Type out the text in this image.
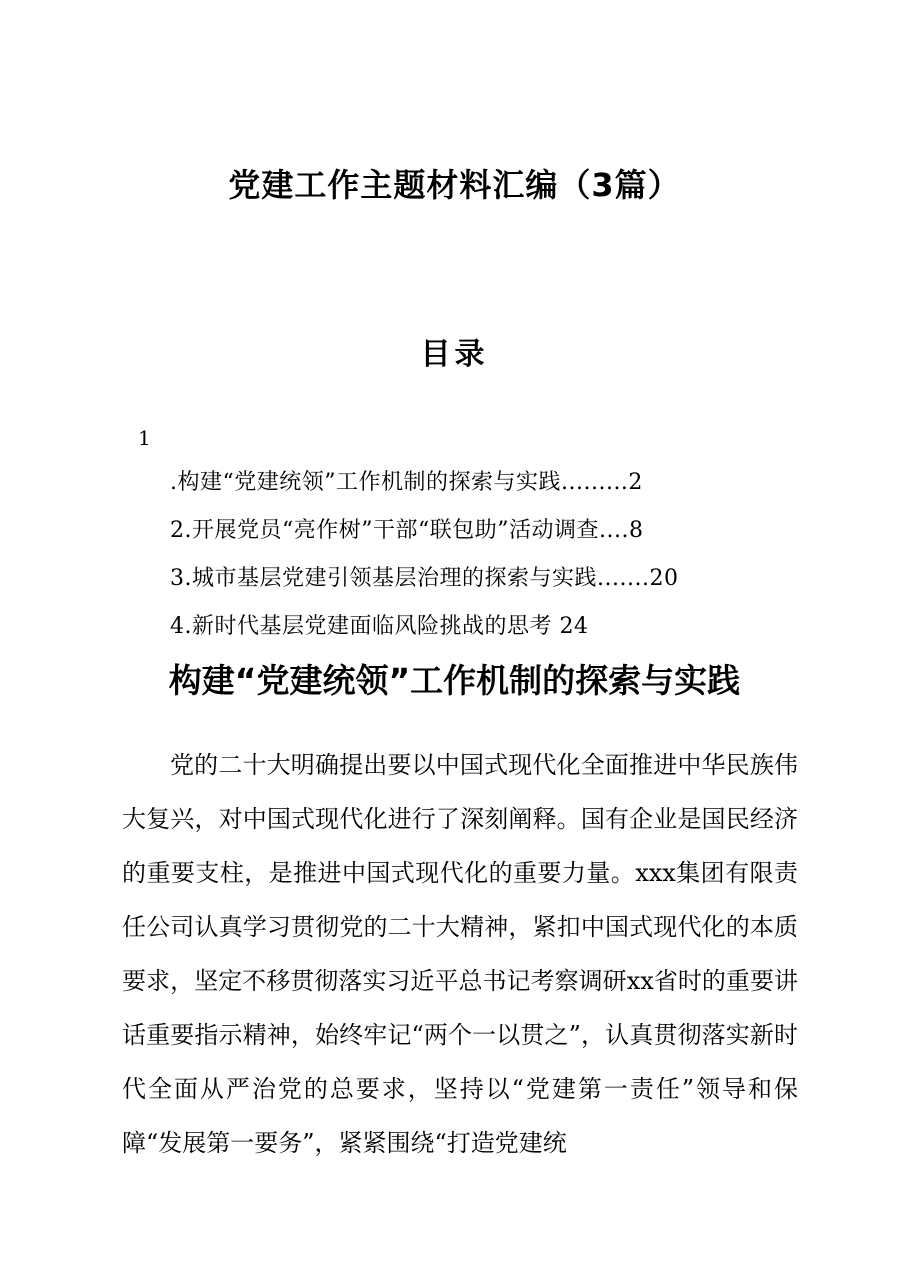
党建工作主题材料汇编（3篇）
目录
1
.构建“党建统领”工作机制的探索与实践.........2
2.开展党员“亮作树”干部“联包助”活动调查....8
3.城市基层党建引领基层治理的探索与实践.......20
4.新时代基层党建面临风险挑战的思考 24
构建“党建统领”工作机制的探索与实践

党的二十大明确提出要以中国式现代化全面推进中华民族伟大复兴，对中国式现代化进行了深刻阐释。国有企业是国民经济的重要支柱，是推进中国式现代化的重要力量。xxx集团有限责任公司认真学习贯彻党的二十大精神，紧扣中国式现代化的本质要求，坚定不移贯彻落实习近平总书记考察调研xx省时的重要讲话重要指示精神，始终牢记“两个一以贯之”，认真贯彻落实新时代全面从严治党的总要求，坚持以“党建第一责任”领导和保障“发展第一要务”，紧紧围绕“打造党建统
